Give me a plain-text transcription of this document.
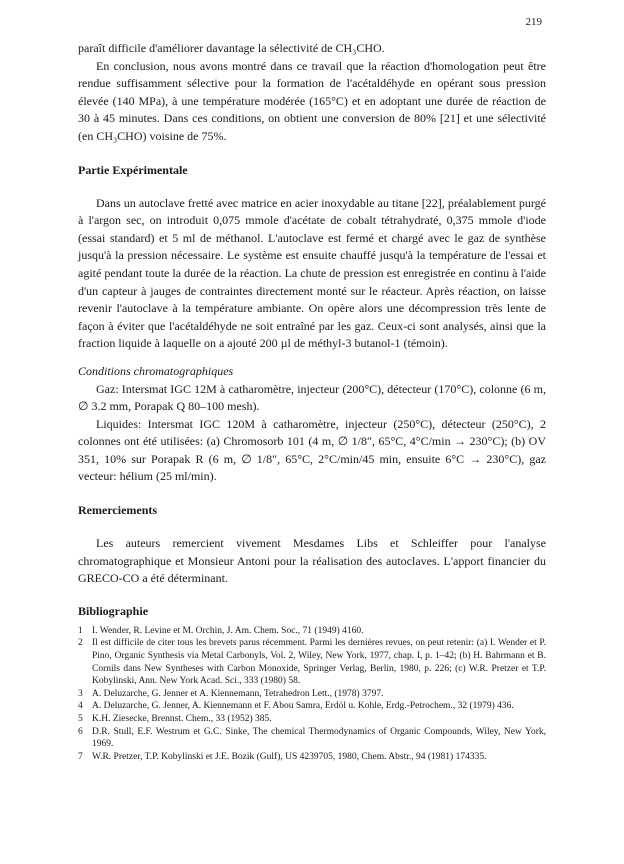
219

paraît difficile d'améliorer davantage la sélectivité de CH₃CHO.

En conclusion, nous avons montré dans ce travail que la réaction d'homologation peut être rendue suffisamment sélective pour la formation de l'acétaldéhyde en opérant sous pression élevée (140 MPa), à une température modérée (165°C) et en adoptant une durée de réaction de 30 à 45 minutes. Dans ces conditions, on obtient une conversion de 80% [21] et une sélectivité (en CH₃CHO) voisine de 75%.

Partie Expérimentale

Dans un autoclave fretté avec matrice en acier inoxydable au titane [22], préalablement purgé à l'argon sec, on introduit 0,075 mmole d'acétate de cobalt tétrahydraté, 0,375 mmole d'iode (essai standard) et 5 ml de méthanol. L'autoclave est fermé et chargé avec le gaz de synthèse jusqu'à la pression nécessaire. Le système est ensuite chauffé jusqu'à la température de l'essai et agité pendant toute la durée de la réaction. La chute de pression est enregistrée en continu à l'aide d'un capteur à jauges de contraintes directement monté sur le réacteur. Après réaction, on laisse revenir l'autoclave à la température ambiante. On opère alors une décompression très lente de façon à éviter que l'acétaldéhyde ne soit entraîné par les gaz. Ceux-ci sont analysés, ainsi que la fraction liquide à laquelle on a ajouté 200 µl de méthyl-3 butanol-1 (témoin).

Conditions chromatographiques

Gaz: Intersmat IGC 12M à catharomètre, injecteur (200°C), détecteur (170°C), colonne (6 m, ∅ 3.2 mm, Porapak Q 80–100 mesh).

Liquides: Intersmat IGC 120M à catharomètre, injecteur (250°C), détecteur (250°C), 2 colonnes ont été utilisées: (a) Chromosorb 101 (4 m, ∅ 1/8″, 65°C, 4°C/min → 230°C); (b) OV 351, 10% sur Porapak R (6 m, ∅ 1/8″, 65°C, 2°C/min/45 min, ensuite 6°C → 230°C), gaz vecteur: hélium (25 ml/min).

Remerciements

Les auteurs remercient vivement Mesdames Libs et Schleiffer pour l'analyse chromatographique et Monsieur Antoni pour la réalisation des autoclaves. L'apport financier du GRECO-CO a été déterminant.

Bibliographie
1 I. Wender, R. Levine et M. Orchin, J. Am. Chem. Soc., 71 (1949) 4160.
2 Il est difficile de citer tous les brevets parus récemment. Parmi les dernières revues, on peut retenir: (a) I. Wender et P. Pino, Organic Synthesis via Metal Carbonyls, Vol. 2, Wiley, New York, 1977, chap. I, p. 1–42; (b) H. Bahrmann et B. Cornils dans New Syntheses with Carbon Monoxide, Springer Verlag, Berlin, 1980, p. 226; (c) W.R. Pretzer et T.P. Kobylinski, Ann. New York Acad. Sci., 333 (1980) 58.
3 A. Deluzarche, G. Jenner et A. Kiennemann, Tetrahedron Lett., (1978) 3797.
4 A. Deluzarche, G. Jenner, A. Kiennemann et F. Abou Samra, Erdöl u. Kohle, Erdg.-Petrochem., 32 (1979) 436.
5 K.H. Ziesecke, Brennst. Chem., 33 (1952) 385.
6 D.R. Stull, E.F. Westrum et G.C. Sinke, The chemical Thermodynamics of Organic Compounds, Wiley, New York, 1969.
7 W.R. Pretzer, T.P. Kobylinski et J.E. Bozik (Gulf), US 4239705, 1980, Chem. Abstr., 94 (1981) 174335.
